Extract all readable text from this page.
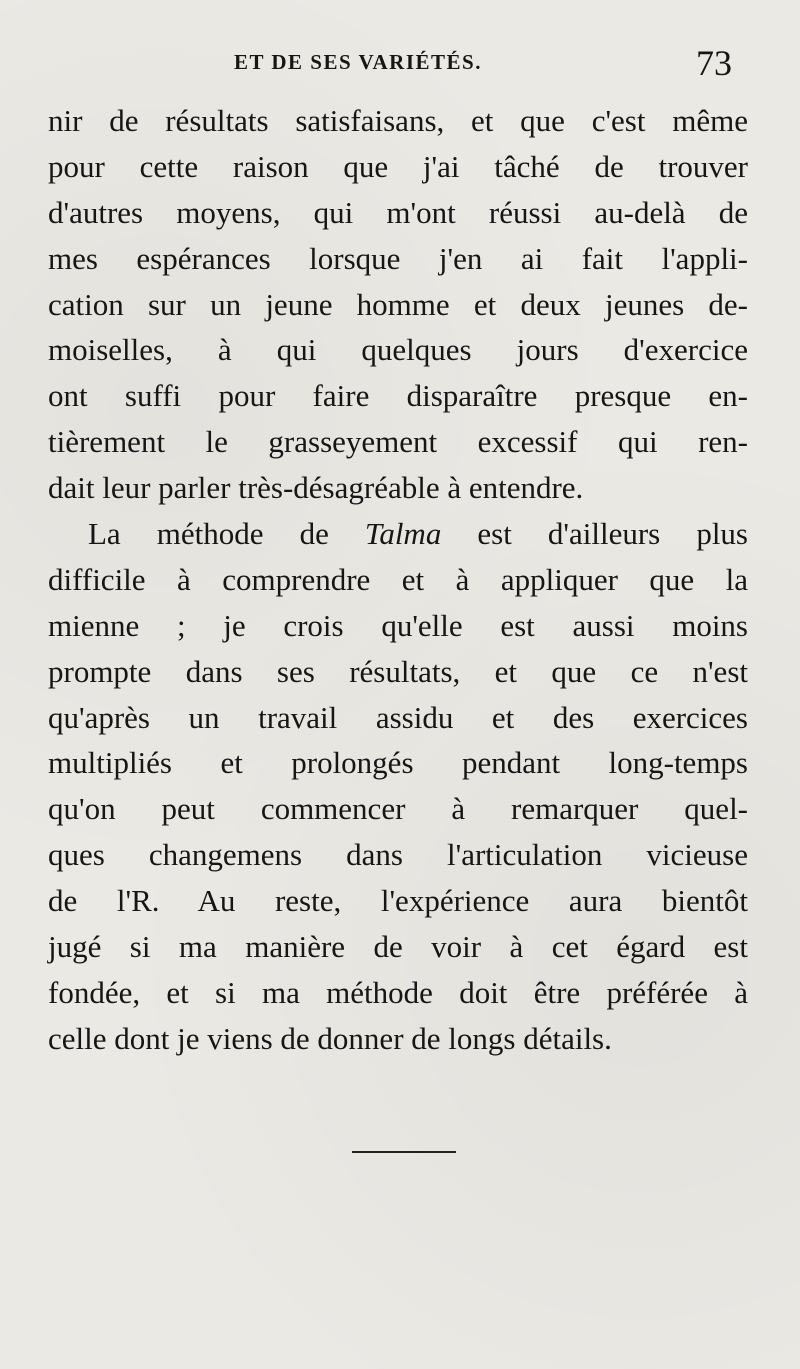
ET DE SES VARIÉTÉS.	73
nir de résultats satisfaisans, et que c'est même
pour cette raison que j'ai tâché de trouver
d'autres moyens, qui m'ont réussi au-delà de
mes espérances lorsque j'en ai fait l'appli-
cation sur un jeune homme et deux jeunes de-
moiselles, à qui quelques jours d'exercice
ont suffi pour faire disparaître presque en-
tièrement le grasseyement excessif qui ren-
dait leur parler très-désagréable à entendre.
La méthode de Talma est d'ailleurs plus
difficile à comprendre et à appliquer que la
mienne ; je crois qu'elle est aussi moins
prompte dans ses résultats, et que ce n'est
qu'après un travail assidu et des exercices
multipliés et prolongés pendant long-temps
qu'on peut commencer à remarquer quel-
ques changemens dans l'articulation vicieuse
de l'R. Au reste, l'expérience aura bientôt
jugé si ma manière de voir à cet égard est
fondée, et si ma méthode doit être préférée à
celle dont je viens de donner de longs détails.
